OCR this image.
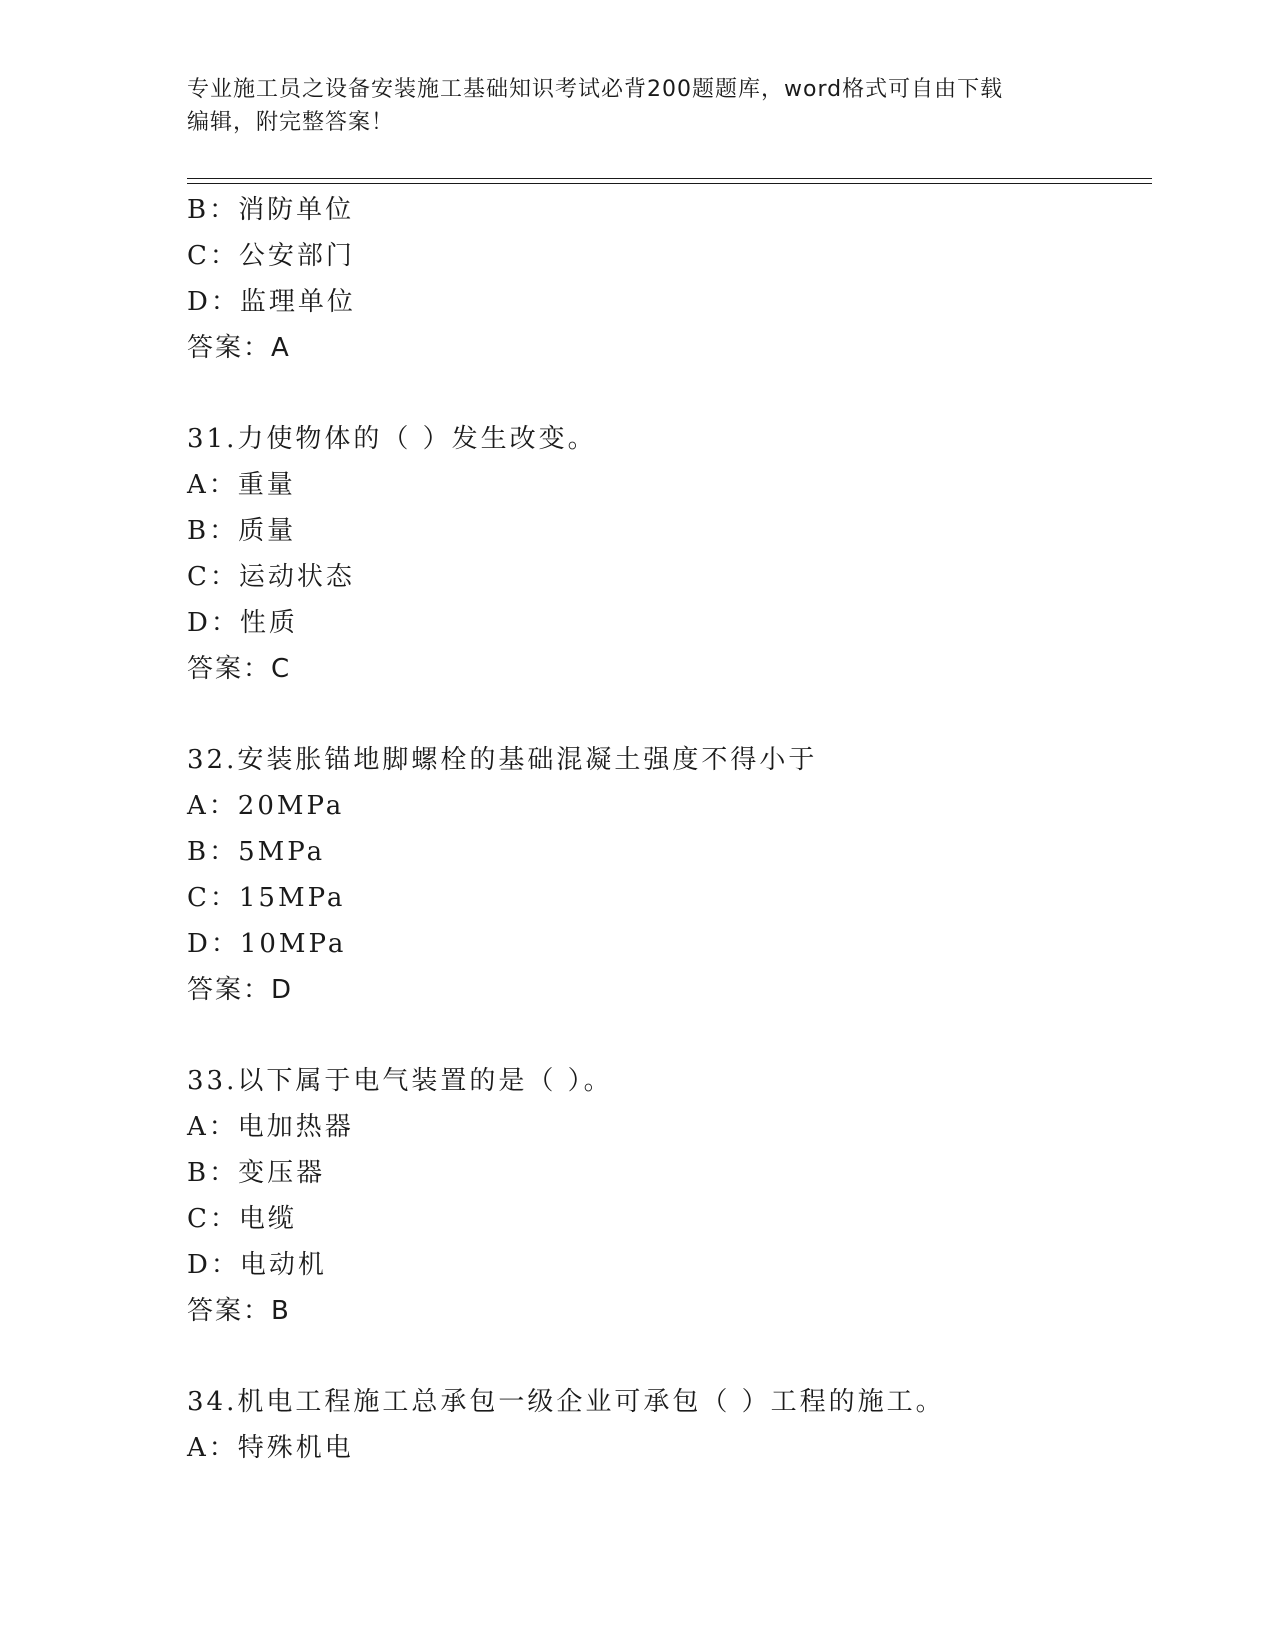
专业施工员之设备安装施工基础知识考试必背200题题库，word格式可自由下载
编辑，附完整答案！
B：消防单位
C：公安部门
D：监理单位
答案：A
31.力使物体的（ ）发生改变。
A：重量
B：质量
C：运动状态
D：性质
答案：C
32.安装胀锚地脚螺栓的基础混凝土强度不得小于
A：20MPa
B：5MPa
C：15MPa
D：10MPa
答案：D
33.以下属于电气装置的是（ ）。
A：电加热器
B：变压器
C：电缆
D：电动机
答案：B
34.机电工程施工总承包一级企业可承包（ ）工程的施工。
A：特殊机电
